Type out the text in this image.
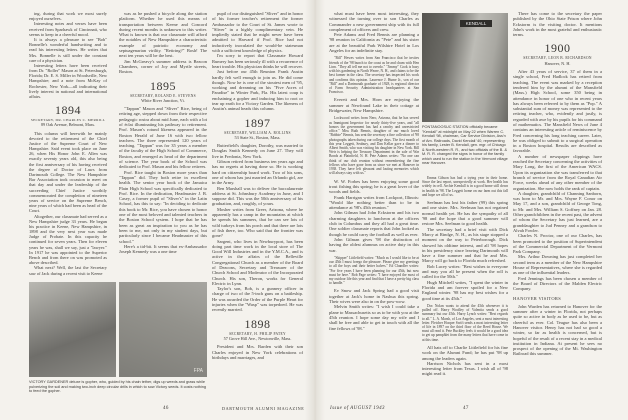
ing, during that work we most surely enjoyed ourselves.

Interesting notes and verses have been received from Sparhawk of Cincinnati, who seems to keep in a cheerful mood.

It is always a pleasure to see "Bob" Bonnelle's wonderful handwriting and to read his interesting letters. He writes that Mrs. Bonnelle is still under the constant care of a physician.

Interesting letters have been received from Dr. "Roller" Mason at St. Petersburgh, Florida; Dr. E. S. Miller in Woodsville, New Hampshire; and a note from McKay of Rochester, New York—all indicating their lively interest in national and international affairs.

1894

SECRETARY, DR. CHARLES C. MERRILL

89 Oak Avenue, Belmont, Mass.

This column will herewith be mainly devoted to the retirement of the Chief Justice of the Supreme Court of New Hampshire. Said event took place on June 26, when His Honor John E. Allen was exactly seventy years old, this also being the first anniversary of his having received the degree of Doctor of Laws from Dartmouth College. The New Hampshire Bar Association took occasion to meet on that day and under the leadership of the succeeding Chief Justice worthily commemorated the completion of nineteen years of service on the Supreme Bench, nine years of which had been as head of the Court.

Altogether, our classmate had served as a New Hampshire judge 33 years. He began his practice in Keene, New Hampshire, in 1898 and the very next year was made Judge of Probate. In this capacity he continued for seven years. Then for eleven years he was, shall we say, just a "lawyer." In 1917 he was appointed to the Superior Bench and from there on was promoted as above described.

What next? Well, the last the Secretary saw of Jack during a recent visit to Keene

was as he pushed a bicycle along the station platform. Whether he used this means of transportation between Keene and Concord during recent months is unknown to this writer. What is known is that our classmate will afford the notables of New Hampshire a characteristic example of patriotic economy and septuagenarian virility. "Retiring?" Bosh! The next ten years will be the best.

Jim McGreavy's summer address is Beacon Chambers, corner of Joy and Myrtle streets, Boston.

1895

SECRETARY, ROLAND E. STEVENS

White River Junction, Vt.

"Tappan" Mason and "Sliver" Rice, being of retiring age, stepped down from their respective pedagogic rostra about mid June, each with a lot of éclat illuminating his pathway to retirement. Prof. Mason's rotund likeness appeared in the Boston Herald of June 16 with two fellow teachers. The three represented 120 years of teaching. "Tappan" was for 35 years a member of the faculty of the High School of Commerce, Boston, and emerged as head of the department of science. The year book of the School was dedicated to Prof. Mason and his fellow retirees.

Prof. Rice taught in Boston more years than "Tappan" did. They both retire in excellent health. The senior year book of the Jamaica Plain High School was specifically dedicated to Prof. Rice. In the dedication, Headmaster J. B. Casey, a former pupil of "Sliver's" in the Latin School, has this to say: "In deciding to dedicate this book to Mr. Rice, you have chosen to honor one of the most beloved and talented teachers in the Boston School system. I hope that he has been as great an inspiration to you as he has been to me, not only in my student days, but particularly since I became Headmaster of this school."

Here's a tid-bit. It seems that ex-Ambassador Joseph Kennedy was a one time

pupil of our distinguished "Sliver" and in honor of his former teacher's retirement the former Ambassador to the Court of St. James wrote to "Sliver" in a highly complimentary vein. He impliedly stated that he might never have been admitted to Harvard if Prof. Rice had not inductively inoculated the would-be statesman with a sufficient knowledge of physics.

I'm sorry to report that Classmate Howard Rumery has been seriously ill with a recurrence of heart trouble. His physician thinks he will recover.

Just before our 45th Reunion Frank Austin hardly felt well enough to join us. He did come though. Now he is one of the stoutest men of '95, working and dreaming on his "Five Acres of Paradise" in Winter Park, Fla. His latest coup is enchaining a gopher and inducing him to root or tear up earth for a Victory Garden. The likeness of Austin's animal heads this column.

1897

SECRETARY, WILLIAM A. ROLLINS

53 State St., Boston, Mass.

Butterfield's daughter, Dorothy, was married to Douglas Smith Kennedy on June 27. They will live in Fredonia, New York.

Gibson retired from business ten years ago and has no regrets at having done so. He is working hard on citizenship board work. Two of his sons, one of whom has just married an Orlando girl, are in the Army.

Ben Marshall was to deliver the baccalaureate address at St. Johnsbury Academy in June, and I suppose did. This was the 50th anniversary of his graduation, and, roughly, of yours.

Mosher writes from Greer, Arizona, where he apparently has a camp in the mountains at which he spends his summers, that he can see lots of wild turkeys from his porch and that there are lots of fish there, too. Who said that the frontier was gone?

Sargent, who lives in Newburyport, has been doing part time work in the local store of The Good Will Industries and in the Y.M.C.A., and is active in the affairs of the Belleville Congregational Church as a member of the Board of Deacons, Secretary and Treasurer of the Church School and Moderator of the Incorporated Church. His son, Theron, works for General Electric in Lynn.

Taylor's son, Bob, is a gunnery officer in charge of two of the 5-inch guns on a battleship. He was awarded the Order of the Purple Heart for injuries when the "Wasp" was torpedoed. He was recently married.

1898

SECRETARY, H. PHILIP PATEY

57 Grove Hill Ave., Newtonville, Mass.

President and Mrs. Barden with their son Charles enjoyed in New York celebrations of birthdays and marriages, and

FPA
VICTORY GARDENER deluxe is gopher, who, guided by his chain tether, digs up weeds and grass while pulverizing the soil and making two-inch deep circular drills in which to sow Victory seeds. It costs nothing to feed the gopher.
46	DARTMOUTH ALUMNI MAGAZINE

what must have been most interesting, they witnessed the turning over to son Charles as Commander a new government ship with its full complement of officers and crew.

Pete Adams and Fred Bennis are planning a '98 reunion in California as "Pete" and his sister are at the beautiful Park Wilshire Hotel in Los Angeles for an indefinite stay.

"Bill" Hewes writes from San Francisco that he invites friends of the '98 bunch to the coast as he and chum with Hen Linn. "They all tell me not to overdo." "Jimmy" Cook is busy with his gardening in North Weare, N. H., and claims to be the best farmer in the class. The secretary has inspected his work and confirms this opinion. Laurence J. Hume Jr., son of our "Bill" and a Dartmouth graduate of 1928, is regional director of Farm Security Administration headquarters at San Francisco.

Everett and Mrs. Horn are enjoying the summer at Newfound Lake in their cottage at Bridgewater, New Hampshire.

Lockwood writes from Nero, Arizona, that he has served as Immigrant Inspector for nearly thirty-five years, and "all honors the government has had a ranchy and unrestricted office." Miss Ruth Bennis, daughter of our much loved "Bobbie" Bennis, has sent the secretary a fine collection of '98 photographs taken during our college days. The first month of this year Leggett, Seabury, and Dan Kellar gave a dinner to Albert Smith, who was visiting his daughter in New York. Bill Weir is helping the Treasury Department in the sale of War Bonds at Plainfield, N. H. Pete Adams writes: "No one can think of our club reunion without remembering the fine fellows who have gone from us since we met at Hanover in 1938. They have left pleasant and lasting memories which will always stay with us."

W. W. Forbes has been enjoying some good trout fishing this spring; he is a great lover of the woods and fields.

Frank Harrigan writes from Lockport, Illinois: "Would like nothing better than to be in attendance at '98's 45th reunion."

John Gilman had John Eckstorm and his two charming daughters to luncheon at the officers club in Columbus and they all had a great time. One soldier classmate reports that John looked as though he could carry the football as well as ever.

John Gilman gives '98 the distinction of having the oldest alumnus on active duty in this war.

"Skipper" Littlefield writes: "Much as I would like to be at our 45th I must forego the pleasure. Please give my greetings to all the boys and their better halves." Ed Chandler writes: "For five years I have been planning for our 45th, but now must be here." Bob Page writes: "I have enjoyed the most of my outdoor life this year and find that I have a pretty big class to handle."

Ev Snow and Jack Spring had a good visit together at Jack's home in Nashua this spring. Their wives were also in on the pow-wow.

Melvin Smith writes: "I wish I could take a plane to Massachusetts so as to be with you at the 45th reunion. I hope some day my wife and I shall be free and able to get in touch with all the fine fellows of '98."

KENDALL
PONTANOOSUC STATION officially became "Kendall" at midnight on May 22 when Warren C. Kendall '98, chairman, Car Service Division, Ass'n of Am. Railroads, David Kendall '40, representing his family, Lester B. Kendall, gen. mgr. of Chicago & North-western R. R., and two officials of the B. & M. R. R. changed the signs in honor of the family which used to run the station in the Vermont village near Hanover.

Emma Gibson has had a trying year in their home. Since the last report, unexpectedly at work. Her health has widely in cell. Archie Kendall is in a good home still down in health in '98. The Leggett home on our farm out this fall and hope we all of us.

Seelman has lost his father (99) this spring and one sister. Mrs. Seelman has not regained normal health yet. He has the sympathy of all '98 and the hope that a good summer will restore Mrs. Seelman to good health.

The secretary had a brief visit with Dick Marcy at Rindge, N. H., as his stage stopped a moment on the way to Peterborough. Dick showed his oldtime interest, and all '98 hopes in his presidency since leaving Dartmouth will have a fine summer and that he and Mrs. Marcy will go back to Florida much refreshed.

Bob Lucey writes: "Best wishes to everyone and may you all be present when the roll is called for the 50th."

Hugh Mitchell writes, "I spent the winter in Florida and am forever spoiled for a New England winter. '98 has my best wishes for a good time at its 45th."

Doc Nolan wants to attend the 45th whenever it is pulled off. Harry Woolley of Valentia sends a good summary but our 45th. Harry Lynch writes: "Best regards to all." L. A. Marsh, of Los Angeles, sent a most interesting letter. Fletcher Hooper Swift sends a most interesting letter of life in 1897 on the third floor of the Reed House. We must all read it. Pete Buckley feels it would be a good idea to get up pamphlet from the many letters that have come in at this time.

All hats off to Charlie Littlefield for his fine work on the Alumni Fund; he has put '98 up among the leaders again.

Harrison Nichols has sent in a most interesting letter from Texas. I wish all of '98 might read it.

There has come to the secretary the paper published by the Ohio State Prison where John Eckstorm is the visiting doctor. It mentions John's work in the most grateful and enthusiastic terms.

1900

SECRETARY, LEON B. RICHARDSON

Hanover, N. H.

After 43 years of service, 37 of them in a single school, Fred Hadlock has retired from teaching. The event was marked by a reception tendered him by the alumni of the Mansfield (Mass.) High School, some 350 being in attendance in honor of one who in recent years has always been referred to by them as "Pop." A substantial sum of money was represented to the retiring teacher, who, evidently and justly, is regarded with awe by his pupils for his command of mathematics. The Mansfield News of June 4 contains an interesting article of reminiscence by Fred concerning his long teaching career. Later, he was obliged to submit to a surgical operation in a Boston hospital. Results are described as favorable.

A number of newspaper clippings have reached the Secretary concerning the activities of Mary Long, the first of the American WACS. Upon its organization she was transferred to that branch of service from the Royal Canadian Air Force, weeks ahead of any other member of the organization. She now holds the rank of captain.

A daughter, grandchild of Channing Sanborn, was born to Mr. and Mrs. Wayne F. Conor on May 17, and a son, grandchild of George Tong, to Mr. and Mrs. William S. Goffney on Jan. 28. Other grandchildren in the recent past, the advent of whom the Secretary has just learned, are a granddaughter to Jud Penney and a grandson to Alvah Fowler.

Charles N. Proctor, one of our Charles, has been promoted to the position of Superintendent of the Commercial Department of the Vermont Park Company.

Mrs. Arthur Downing has just completed her second term as a member of the New Hampshire House of Representatives, where she is regarded as one of the influential leaders.

Fred Jennings has been chosen a member of the Board of Directors of the Malden Electric Company.

HANOVER VISITORS

John Warden has returned to Hanover for the summer after a winter in Florida, not perhaps quite so active in body as he used to be, but as cheerful as ever. Col. Teague has also been a Hanover visitor. Henry has not had so good a winter, so far as health is concerned, but is hopeful of the result of a recent stay in a medical institution in Indiana. At present he sees no prospect of the opening of the Mt. Washington Railroad this summer.

Issue of AUGUST 1943	47
